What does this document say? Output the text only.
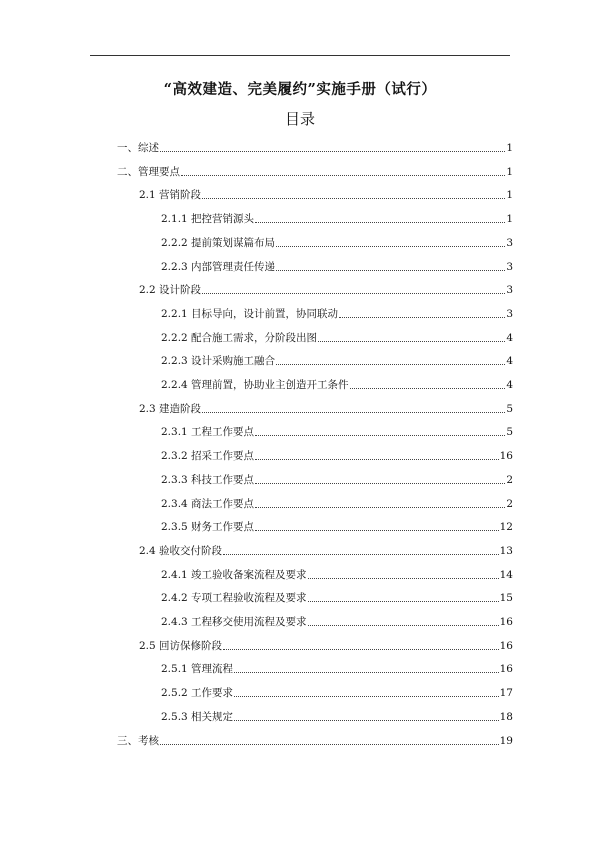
“高效建造、完美履约”实施手册（试行）
目录
一、综述	1
二、管理要点	1
2.1 营销阶段	1
2.1.1 把控营销源头	1
2.2.2 提前策划谋篇布局	3
2.2.3 内部管理责任传递	3
2.2 设计阶段	3
2.2.1 目标导向，设计前置，协同联动	3
2.2.2 配合施工需求，分阶段出图	4
2.2.3 设计采购施工融合	4
2.2.4 管理前置，协助业主创造开工条件	4
2.3 建造阶段	5
2.3.1 工程工作要点	5
2.3.2 招采工作要点	16
2.3.3 科技工作要点	2
2.3.4 商法工作要点	2
2.3.5 财务工作要点	12
2.4 验收交付阶段	13
2.4.1 竣工验收备案流程及要求	14
2.4.2 专项工程验收流程及要求	15
2.4.3 工程移交使用流程及要求	16
2.5 回访保修阶段	16
2.5.1 管理流程	16
2.5.2 工作要求	17
2.5.3 相关规定	18
三、考核	19
